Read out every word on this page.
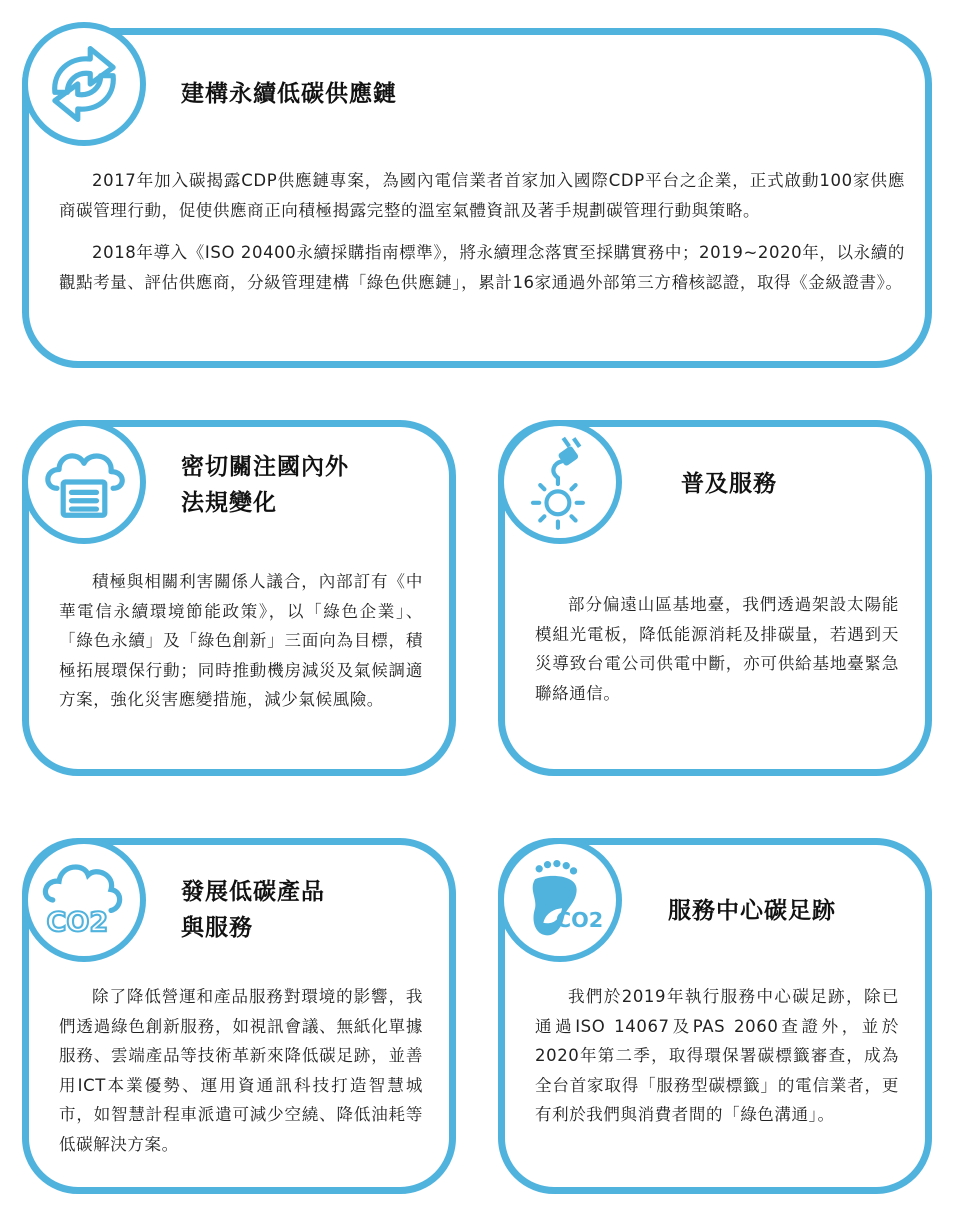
建構永續低碳供應鏈

2017年加入碳揭露CDP供應鏈專案，為國內電信業者首家加入國際CDP平台之企業，正式啟動100家供應商碳管理行動，促使供應商正向積極揭露完整的溫室氣體資訊及著手規劃碳管理行動與策略。

2018年導入《ISO 20400永續採購指南標準》，將永續理念落實至採購實務中；2019~2020年，以永續的觀點考量、評估供應商，分級管理建構「綠色供應鏈」，累計16家通過外部第三方稽核認證，取得《金級證書》。

密切關注國內外
法規變化

積極與相關利害關係人議合，內部訂有《中華電信永續環境節能政策》，以「綠色企業」、「綠色永續」及「綠色創新」三面向為目標，積極拓展環保行動；同時推動機房減災及氣候調適方案，強化災害應變措施，減少氣候風險。

普及服務

部分偏遠山區基地臺，我們透過架設太陽能模組光電板，降低能源消耗及排碳量，若遇到天災導致台電公司供電中斷，亦可供給基地臺緊急聯絡通信。

CO2
發展低碳產品
與服務

除了降低營運和產品服務對環境的影響，我們透過綠色創新服務，如視訊會議、無紙化單據服務、雲端產品等技術革新來降低碳足跡，並善用ICT本業優勢、運用資通訊科技打造智慧城市，如智慧計程車派遣可減少空繞、降低油耗等低碳解決方案。

CO2	服務中心碳足跡

我們於2019年執行服務中心碳足跡，除已通過ISO 14067及PAS 2060查證外，並於2020年第二季，取得環保署碳標籤審查，成為全台首家取得「服務型碳標籤」的電信業者，更有利於我們與消費者間的「綠色溝通」。
